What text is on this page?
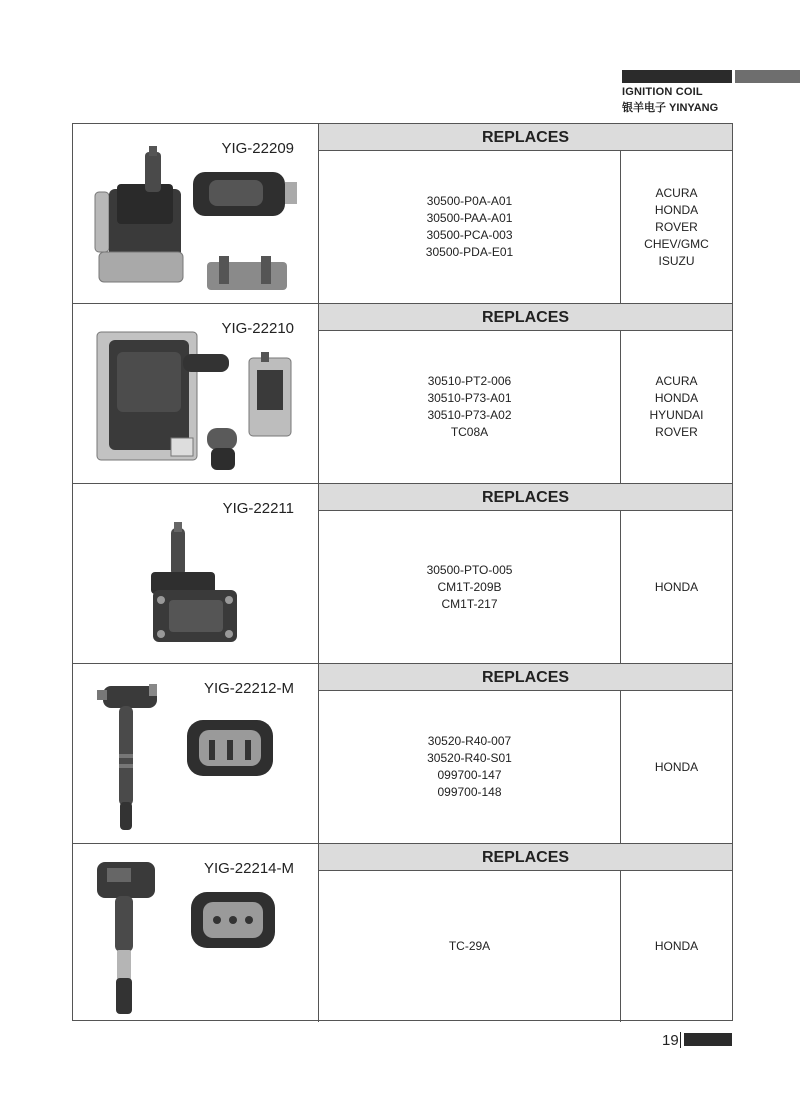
IGNITION COIL
银羊电子 YINYANG
YIG-22209
REPLACES
30500-P0A-A01
30500-PAA-A01
30500-PCA-003
30500-PDA-E01
ACURA
HONDA
ROVER
CHEV/GMC
ISUZU
YIG-22210
REPLACES
30510-PT2-006
30510-P73-A01
30510-P73-A02
TC08A
ACURA
HONDA
HYUNDAI
ROVER
YIG-22211
REPLACES
30500-PTO-005
CM1T-209B
CM1T-217
HONDA
YIG-22212-M
REPLACES
30520-R40-007
30520-R40-S01
099700-147
099700-148
HONDA
YIG-22214-M
REPLACES
TC-29A	HONDA
19
